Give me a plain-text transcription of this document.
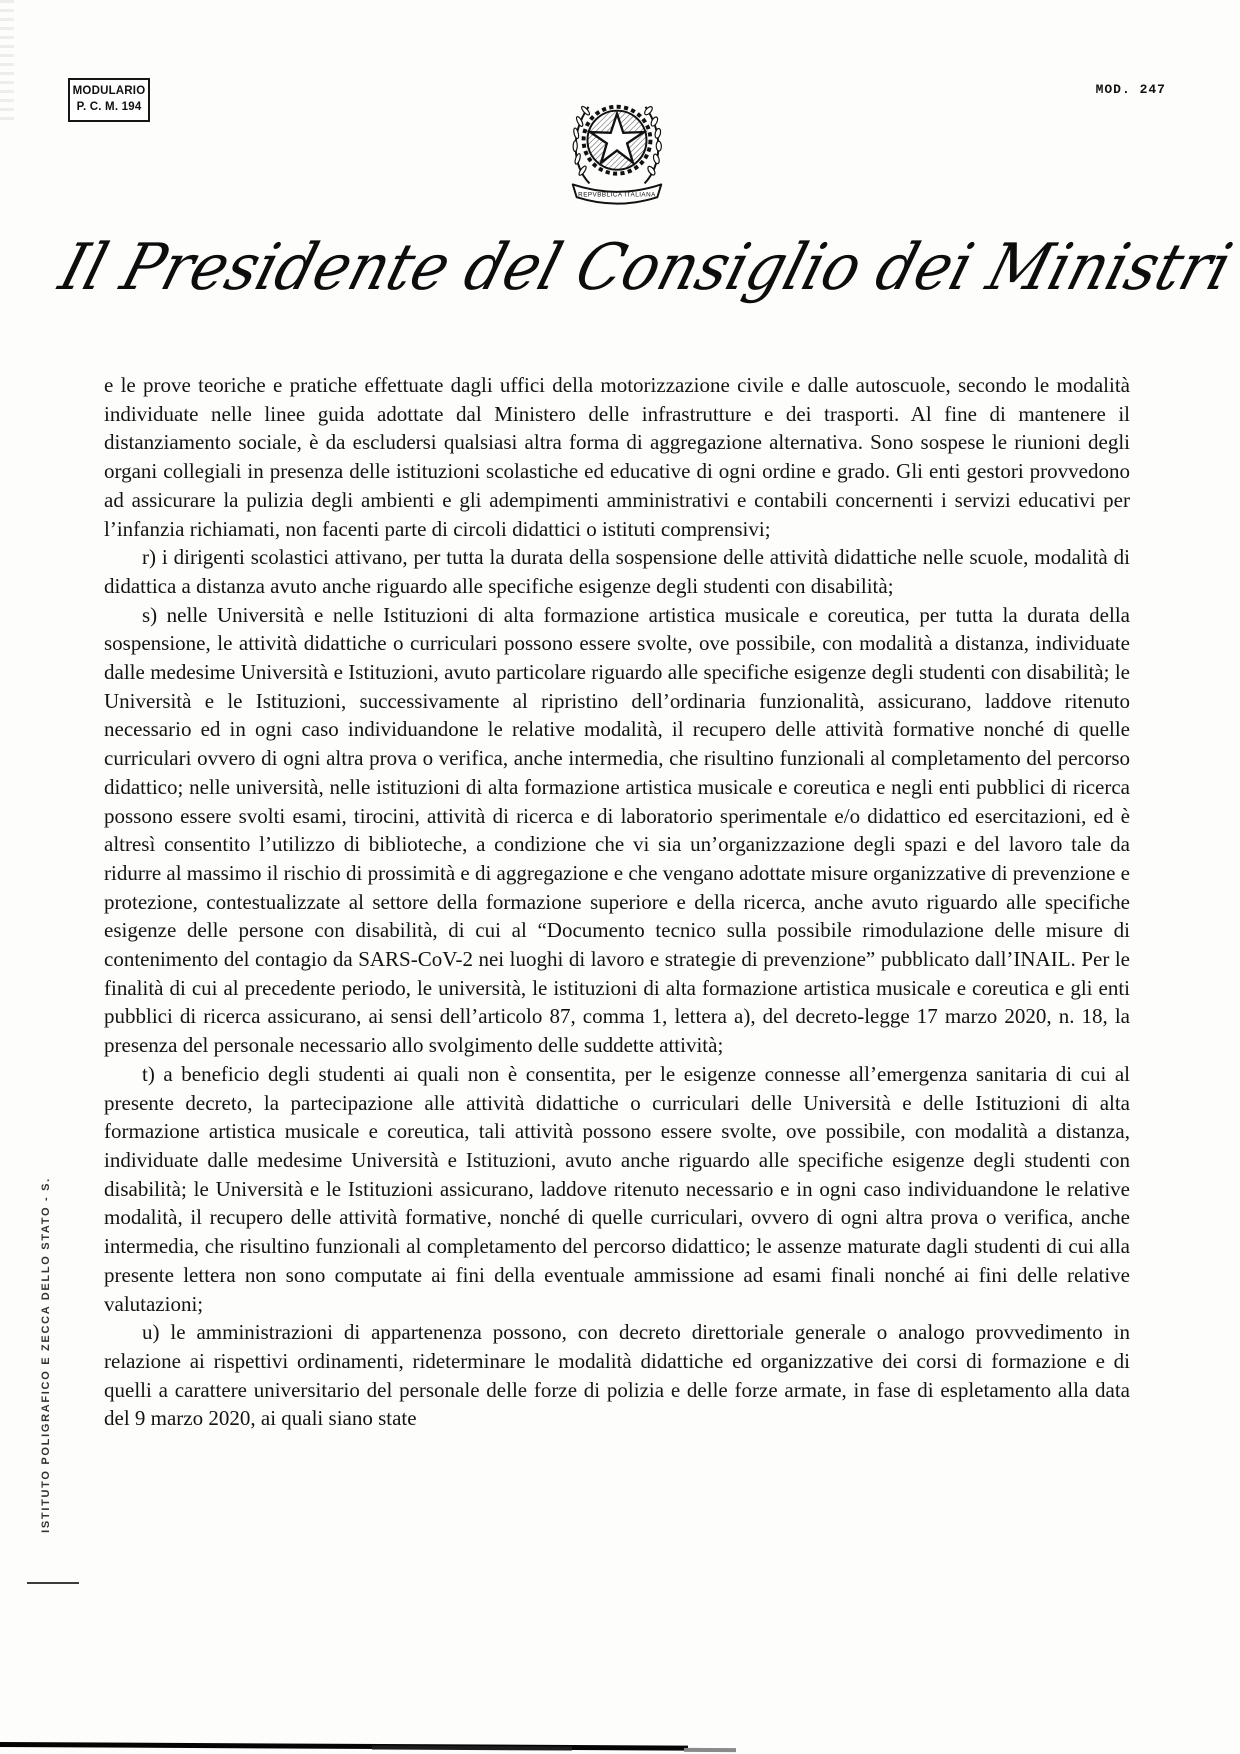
MODULARIO
P. C. M. 194
MOD. 247
REPVBBLICA ITALIANA
Il Presidente del Consiglio dei Ministri

e le prove teoriche e pratiche effettuate dagli uffici della motorizzazione civile e dalle autoscuole, secondo le modalità individuate nelle linee guida adottate dal Ministero delle infrastrutture e dei trasporti. Al fine di mantenere il distanziamento sociale, è da escludersi qualsiasi altra forma di aggregazione alternativa. Sono sospese le riunioni degli organi collegiali in presenza delle istituzioni scolastiche ed educative di ogni ordine e grado. Gli enti gestori provvedono ad assicurare la pulizia degli ambienti e gli adempimenti amministrativi e contabili concernenti i servizi educativi per l’infanzia richiamati, non facenti parte di circoli didattici o istituti comprensivi;

r) i dirigenti scolastici attivano, per tutta la durata della sospensione delle attività didattiche nelle scuole, modalità di didattica a distanza avuto anche riguardo alle specifiche esigenze degli studenti con disabilità;

s) nelle Università e nelle Istituzioni di alta formazione artistica musicale e coreutica, per tutta la durata della sospensione, le attività didattiche o curriculari possono essere svolte, ove possibile, con modalità a distanza, individuate dalle medesime Università e Istituzioni, avuto particolare riguardo alle specifiche esigenze degli studenti con disabilità; le Università e le Istituzioni, successivamente al ripristino dell’ordinaria funzionalità, assicurano, laddove ritenuto necessario ed in ogni caso individuandone le relative modalità, il recupero delle attività formative nonché di quelle curriculari ovvero di ogni altra prova o verifica, anche intermedia, che risultino funzionali al completamento del percorso didattico; nelle università, nelle istituzioni di alta formazione artistica musicale e coreutica e negli enti pubblici di ricerca possono essere svolti esami, tirocini, attività di ricerca e di laboratorio sperimentale e/o didattico ed esercitazioni, ed è altresì consentito l’utilizzo di biblioteche, a condizione che vi sia un’organizzazione degli spazi e del lavoro tale da ridurre al massimo il rischio di prossimità e di aggregazione e che vengano adottate misure organizzative di prevenzione e protezione, contestualizzate al settore della formazione superiore e della ricerca, anche avuto riguardo alle specifiche esigenze delle persone con disabilità, di cui al “Documento tecnico sulla possibile rimodulazione delle misure di contenimento del contagio da SARS-CoV-2 nei luoghi di lavoro e strategie di prevenzione” pubblicato dall’INAIL. Per le finalità di cui al precedente periodo, le università, le istituzioni di alta formazione artistica musicale e coreutica e gli enti pubblici di ricerca assicurano, ai sensi dell’articolo 87, comma 1, lettera a), del decreto-legge 17 marzo 2020, n. 18, la presenza del personale necessario allo svolgimento delle suddette attività;

t) a beneficio degli studenti ai quali non è consentita, per le esigenze connesse all’emergenza sanitaria di cui al presente decreto, la partecipazione alle attività didattiche o curriculari delle Università e delle Istituzioni di alta formazione artistica musicale e coreutica, tali attività possono essere svolte, ove possibile, con modalità a distanza, individuate dalle medesime Università e Istituzioni, avuto anche riguardo alle specifiche esigenze degli studenti con disabilità; le Università e le Istituzioni assicurano, laddove ritenuto necessario e in ogni caso individuandone le relative modalità, il recupero delle attività formative, nonché di quelle curriculari, ovvero di ogni altra prova o verifica, anche intermedia, che risultino funzionali al completamento del percorso didattico; le assenze maturate dagli studenti di cui alla presente lettera non sono computate ai fini della eventuale ammissione ad esami finali nonché ai fini delle relative valutazioni;

u) le amministrazioni di appartenenza possono, con decreto direttoriale generale o analogo provvedimento in relazione ai rispettivi ordinamenti, rideterminare le modalità didattiche ed organizzative dei corsi di formazione e di quelli a carattere universitario del personale delle forze di polizia e delle forze armate, in fase di espletamento alla data del 9 marzo 2020, ai quali siano state

ISTITUTO POLIGRAFICO E ZECCA DELLO STATO - S.
